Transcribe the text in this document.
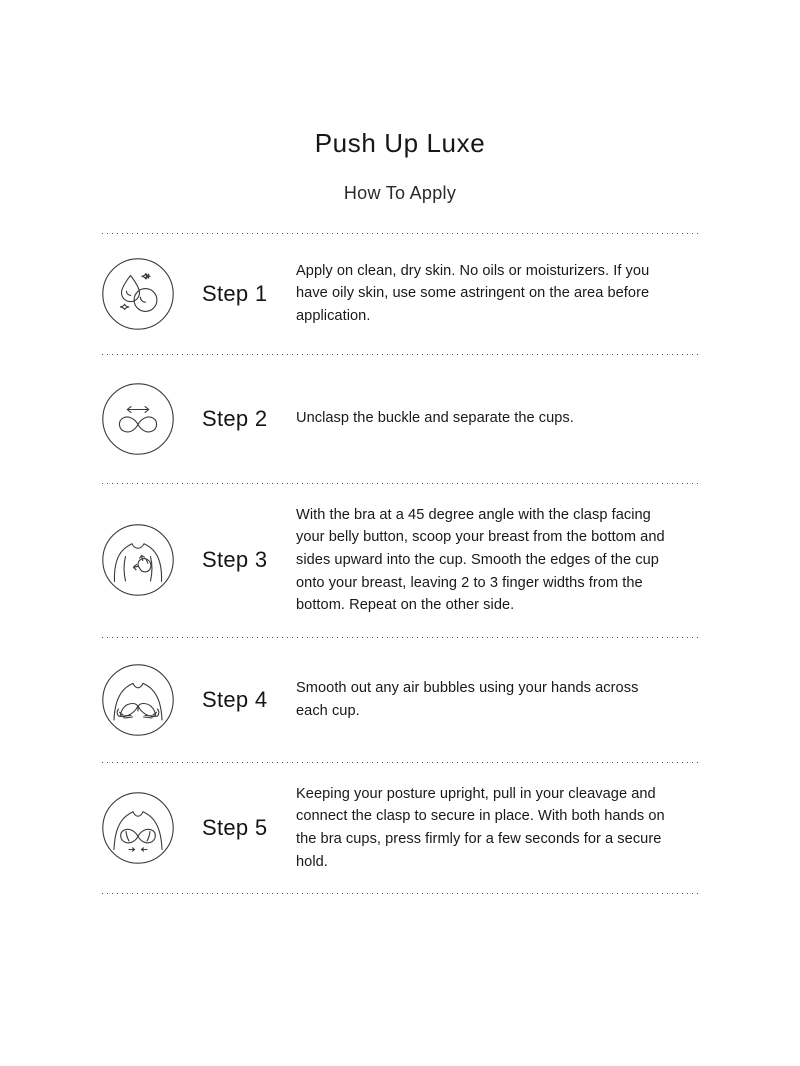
Push Up Luxe
How To Apply
Step 1
Apply on clean, dry skin. No oils or moisturizers. If you have oily skin, use some astringent on the area before application.
Step 2	Unclasp the buckle and separate the cups.
Step 3
With the bra at a 45 degree angle with the clasp facing your belly button, scoop your breast from the bottom and sides upward into the cup. Smooth the edges of the cup onto your breast, leaving 2 to 3 finger widths from the bottom. Repeat on the other side.
Step 4	Smooth out any air bubbles using your hands across each cup.
Step 5
Keeping your posture upright, pull in your cleavage and connect the clasp to secure in place. With both hands on the bra cups, press firmly for a few seconds for a secure hold.
